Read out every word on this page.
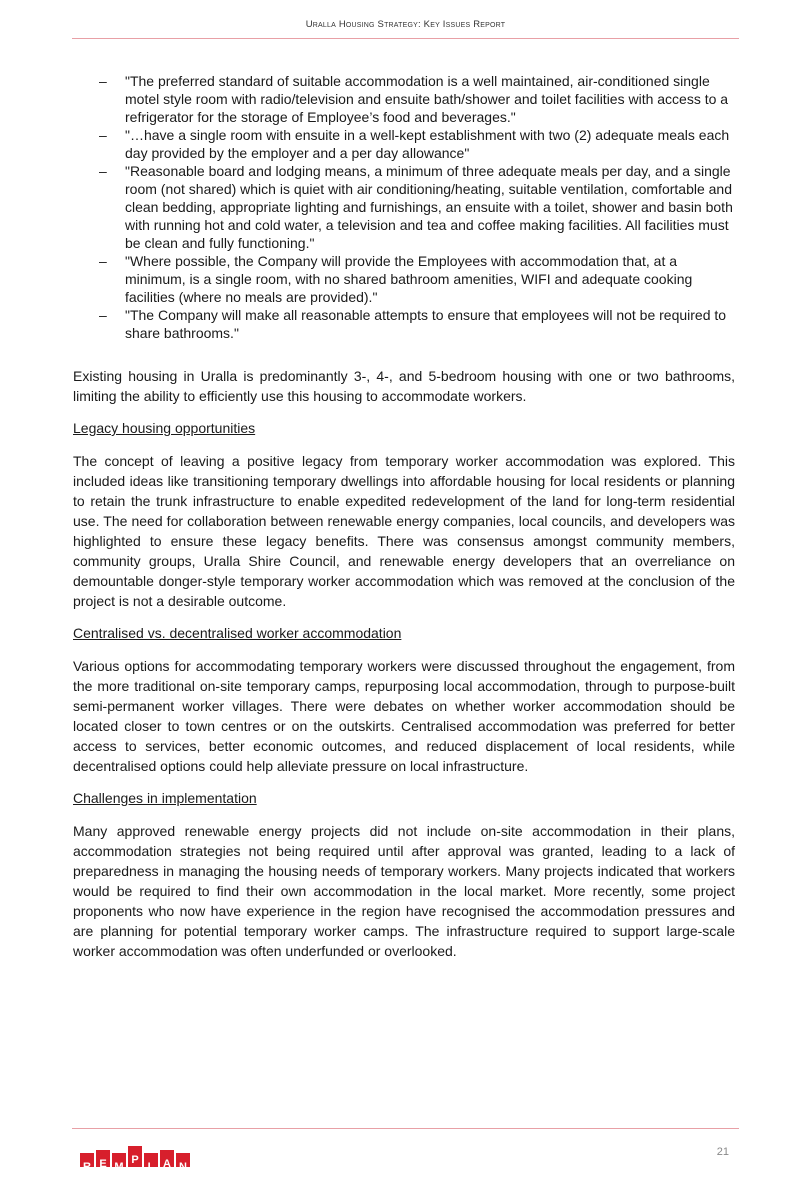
Uralla Housing Strategy: Key Issues Report
– "The preferred standard of suitable accommodation is a well maintained, air-conditioned single motel style room with radio/television and ensuite bath/shower and toilet facilities with access to a refrigerator for the storage of Employee’s food and beverages."
– "…have a single room with ensuite in a well-kept establishment with two (2) adequate meals each day provided by the employer and a per day allowance"
– "Reasonable board and lodging means, a minimum of three adequate meals per day, and a single room (not shared) which is quiet with air conditioning/heating, suitable ventilation, comfortable and clean bedding, appropriate lighting and furnishings, an ensuite with a toilet, shower and basin both with running hot and cold water, a television and tea and coffee making facilities. All facilities must be clean and fully functioning."
– "Where possible, the Company will provide the Employees with accommodation that, at a minimum, is a single room, with no shared bathroom amenities, WIFI and adequate cooking facilities (where no meals are provided)."
– "The Company will make all reasonable attempts to ensure that employees will not be required to share bathrooms."

Existing housing in Uralla is predominantly 3-, 4-, and 5-bedroom housing with one or two bathrooms, limiting the ability to efficiently use this housing to accommodate workers.

Legacy housing opportunities

The concept of leaving a positive legacy from temporary worker accommodation was explored. This included ideas like transitioning temporary dwellings into affordable housing for local residents or planning to retain the trunk infrastructure to enable expedited redevelopment of the land for long-term residential use. The need for collaboration between renewable energy companies, local councils, and developers was highlighted to ensure these legacy benefits. There was consensus amongst community members, community groups, Uralla Shire Council, and renewable energy developers that an overreliance on demountable donger-style temporary worker accommodation which was removed at the conclusion of the project is not a desirable outcome.

Centralised vs. decentralised worker accommodation

Various options for accommodating temporary workers were discussed throughout the engagement, from the more traditional on-site temporary camps, repurposing local accommodation, through to purpose-built semi-permanent worker villages. There were debates on whether worker accommodation should be located closer to town centres or on the outskirts. Centralised accommodation was preferred for better access to services, better economic outcomes, and reduced displacement of local residents, while decentralised options could help alleviate pressure on local infrastructure.

Challenges in implementation

Many approved renewable energy projects did not include on-site accommodation in their plans, accommodation strategies not being required until after approval was granted, leading to a lack of preparedness in managing the housing needs of temporary workers. Many projects indicated that workers would be required to find their own accommodation in the local market. More recently, some project proponents who now have experience in the region have recognised the accommodation pressures and are planning for potential temporary worker camps. The infrastructure required to support large-scale worker accommodation was often underfunded or overlooked.

R E M
P
L A N
21
